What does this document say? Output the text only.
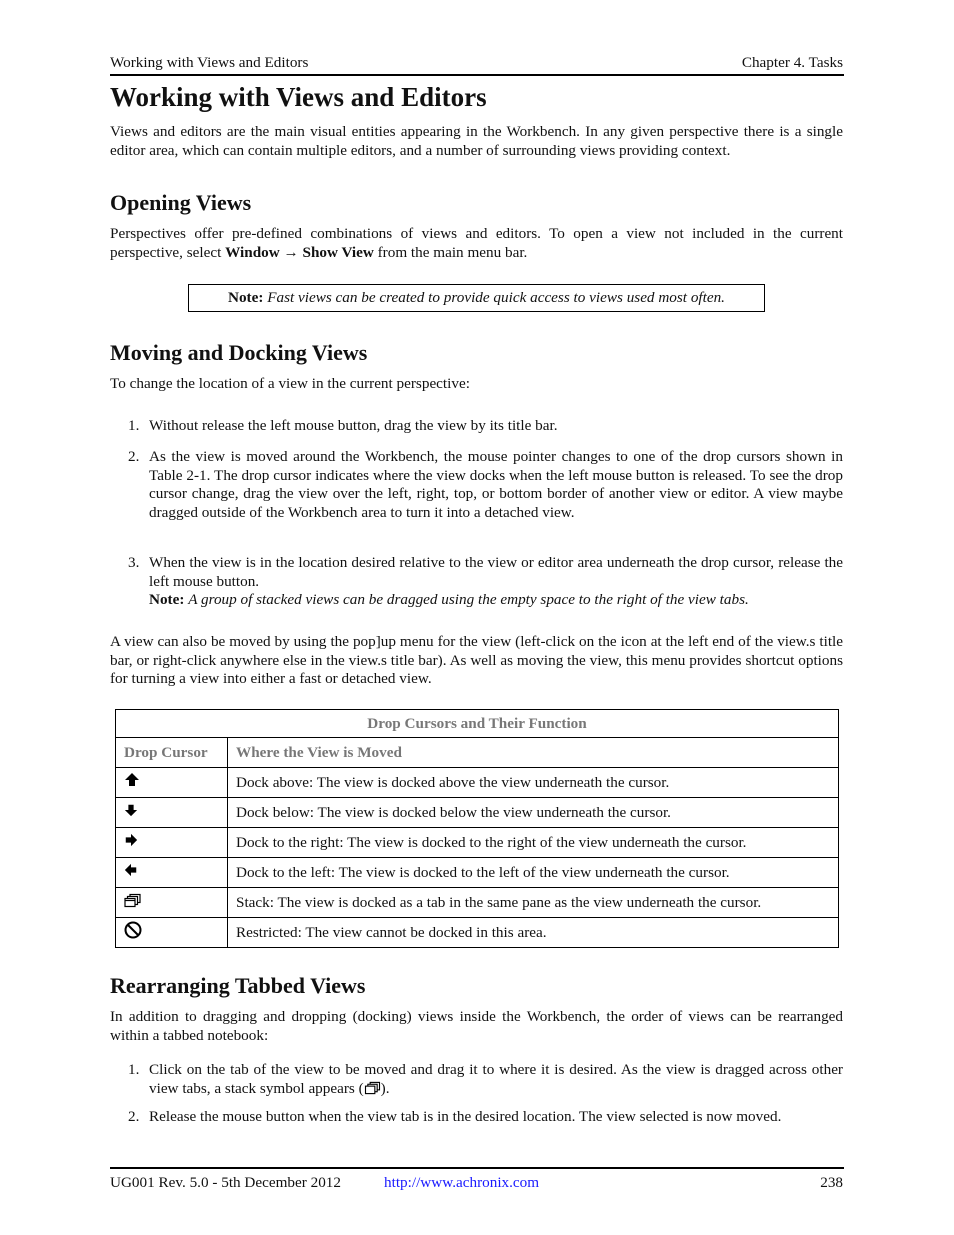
Working with Views and Editors	Chapter 4. Tasks
Working with Views and Editors
Views and editors are the main visual entities appearing in the Workbench. In any given perspective there is a single editor area, which can contain multiple editors, and a number of surrounding views providing context.
Opening Views
Perspectives offer pre-defined combinations of views and editors. To open a view not included in the current perspective, select Window → Show View from the main menu bar.
Note: Fast views can be created to provide quick access to views used most often.
Moving and Docking Views
To change the location of a view in the current perspective:
1. Without release the left mouse button, drag the view by its title bar.
2. As the view is moved around the Workbench, the mouse pointer changes to one of the drop cursors shown in Table 2-1. The drop cursor indicates where the view docks when the left mouse button is released. To see the drop cursor change, drag the view over the left, right, top, or bottom border of another view or editor. A view maybe dragged outside of the Workbench area to turn it into a detached view.
3. When the view is in the location desired relative to the view or editor area underneath the drop cursor, release the left mouse button.
Note: A group of stacked views can be dragged using the empty space to the right of the view tabs.
A view can also be moved by using the pop]up menu for the view (left-click on the icon at the left end of the view.s title bar, or right-click anywhere else in the view.s title bar). As well as moving the view, this menu provides shortcut options for turning a view into either a fast or detached view.
Drop Cursors and Their Function	
Drop Cursor	Where the View is Moved
	Dock above: The view is docked above the view underneath the cursor.
	Dock below: The view is docked below the view underneath the cursor.
	Dock to the right: The view is docked to the right of the view underneath the cursor.
	Dock to the left: The view is docked to the left of the view underneath the cursor.
	Stack: The view is docked as a tab in the same pane as the view underneath the cursor.
	Restricted: The view cannot be docked in this area.
Rearranging Tabbed Views
In addition to dragging and dropping (docking) views inside the Workbench, the order of views can be rearranged within a tabbed notebook:
1. Click on the tab of the view to be moved and drag it to where it is desired. As the view is dragged across other view tabs, a stack symbol appears ( ).
2. Release the mouse button when the view tab is in the desired location. The view selected is now moved.
UG001 Rev. 5.0 - 5th December 2012	http://www.achronix.com	238
